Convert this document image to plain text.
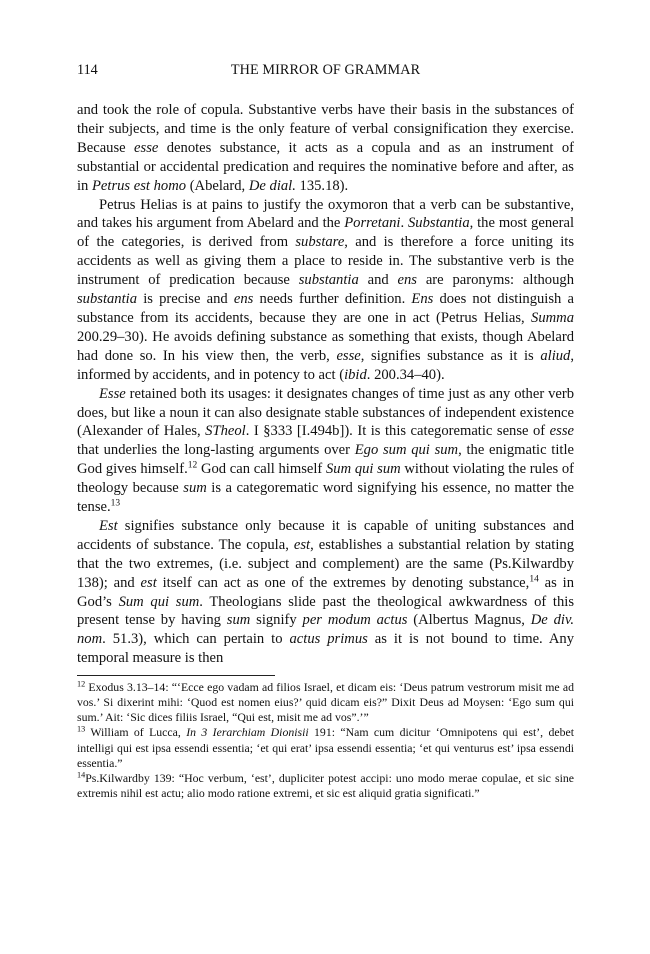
114	THE MIRROR OF GRAMMAR

and took the role of copula. Substantive verbs have their basis in the substances of their subjects, and time is the only feature of verbal consignification they exercise. Because esse denotes substance, it acts as a copula and as an instrument of substantial or accidental predication and requires the nominative before and after, as in Petrus est homo (Abelard, De dial. 135.18).

Petrus Helias is at pains to justify the oxymoron that a verb can be substantive, and takes his argument from Abelard and the Porretani. Substantia, the most general of the categories, is derived from substare, and is therefore a force uniting its accidents as well as giving them a place to reside in. The substantive verb is the instrument of predication because substantia and ens are paronyms: although substantia is precise and ens needs further definition. Ens does not distinguish a substance from its accidents, because they are one in act (Petrus Helias, Summa 200.29–30). He avoids defining substance as something that exists, though Abelard had done so. In his view then, the verb, esse, signifies substance as it is aliud, informed by accidents, and in potency to act (ibid. 200.34–40).

Esse retained both its usages: it designates changes of time just as any other verb does, but like a noun it can also designate stable substances of independent existence (Alexander of Hales, STheol. I §333 [I.494b]). It is this categorematic sense of esse that underlies the long-lasting arguments over Ego sum qui sum, the enigmatic title God gives himself.$^{12}$ God can call himself Sum qui sum without violating the rules of theology because sum is a categorematic word signifying his essence, no matter the tense.$^{13}$

Est signifies substance only because it is capable of uniting substances and accidents of substance. The copula, est, establishes a substantial relation by stating that the two extremes, (i.e. subject and complement) are the same (Ps.Kilwardby 138); and est itself can act as one of the extremes by denoting substance,$^{14}$ as in God’s Sum qui sum. Theologians slide past the theological awkwardness of this present tense by having sum signify per modum actus (Albertus Magnus, De div. nom. 51.3), which can pertain to actus primus as it is not bound to time. Any temporal measure is then

$^{12}$ Exodus 3.13–14: “‘Ecce ego vadam ad filios Israel, et dicam eis: ‘Deus patrum vestrorum misit me ad vos.’ Si dixerint mihi: ‘Quod est nomen eius?’ quid dicam eis?” Dixit Deus ad Moysen: ‘Ego sum qui sum.’ Ait: ‘Sic dices filiis Israel, “Qui est, misit me ad vos”.’”

$^{13}$ William of Lucca, In 3 Ierarchiam Dionisii 191: “Nam cum dicitur ‘Omnipotens qui est’, debet intelligi qui est ipsa essendi essentia; ‘et qui erat’ ipsa essendi essentia; ‘et qui venturus est’ ipsa essendi essentia.”

$^{14}$Ps.Kilwardby 139: “Hoc verbum, ‘est’, dupliciter potest accipi: uno modo merae copulae, et sic sine extremis nihil est actu; alio modo ratione extremi, et sic est aliquid gratia significati.”
